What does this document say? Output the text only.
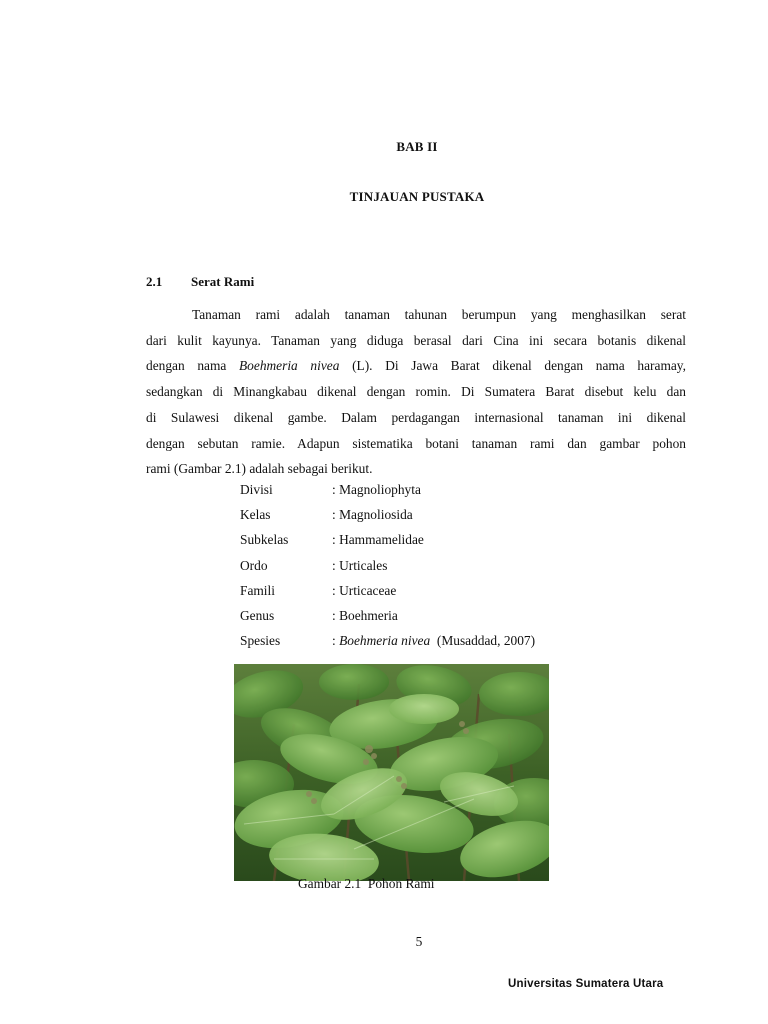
BAB II
TINJAUAN PUSTAKA
2.1 Serat Rami
Tanaman rami adalah tanaman tahunan berumpun yang menghasilkan serat
dari kulit kayunya. Tanaman yang diduga berasal dari Cina ini secara botanis dikenal
dengan nama Boehmeria nivea (L). Di Jawa Barat dikenal dengan nama haramay,
sedangkan di Minangkabau dikenal dengan romin. Di Sumatera Barat disebut kelu dan
di Sulawesi dikenal gambe. Dalam perdagangan internasional tanaman ini dikenal
dengan sebutan ramie. Adapun sistematika botani tanaman rami dan gambar pohon
rami (Gambar 2.1) adalah sebagai berikut.
Divisi	: Magnoliophyta
Kelas	: Magnoliosida
Subkelas	: Hammamelidae
Ordo	: Urticales
Famili	: Urticaceae
Genus	: Boehmeria
Spesies	: Boehmeria nivea  (Musaddad, 2007)
Gambar 2.1  Pohon Rami
5
Universitas Sumatera Utara
